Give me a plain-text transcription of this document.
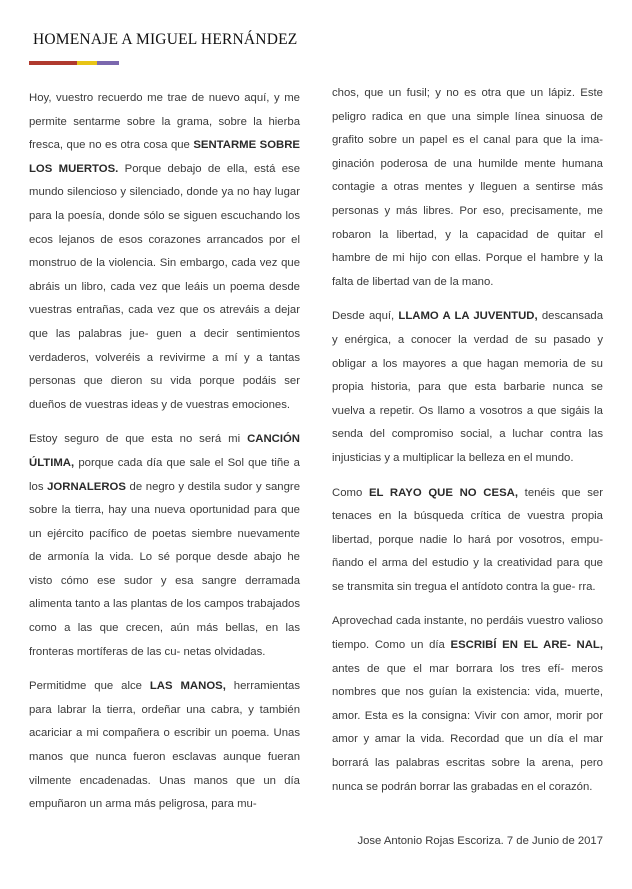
HOMENAJE A MIGUEL HERNÁNDEZ

Hoy, vuestro recuerdo me trae de nuevo aquí, y me permite sentarme sobre la grama, sobre la hierba fresca, que no es otra cosa que SENTARME SOBRE LOS MUERTOS. Porque debajo de ella, está ese mundo silencioso y silenciado, donde ya no hay lugar para la poesía, donde sólo se siguen escuchando los ecos lejanos de esos corazones arrancados por el monstruo de la violencia. Sin embargo, cada vez que abráis un libro, cada vez que leáis un poema desde vuestras entrañas, cada vez que os atreváis a dejar que las palabras jue- guen a decir sentimientos verdaderos, volveréis a revivirme a mí y a tantas personas que dieron su vida porque podáis ser dueños de vuestras ideas y de vuestras emociones.

Estoy seguro de que esta no será mi CANCIÓN ÚLTIMA, porque cada día que sale el Sol que tiñe a los JORNALEROS de negro y destila sudor y sangre sobre la tierra, hay una nueva oportunidad para que un ejército pacífico de poetas siembre nuevamente de armonía la vida. Lo sé porque desde abajo he visto cómo ese sudor y esa sangre derramada alimenta tanto a las plantas de los campos trabajados como a las que crecen, aún más bellas, en las fronteras mortíferas de las cu- netas olvidadas.

Permitidme que alce LAS MANOS, herramientas para labrar la tierra, ordeñar una cabra, y también acariciar a mi compañera o escribir un poema. Unas manos que nunca fueron esclavas aunque fueran vilmente encadenadas. Unas manos que un día empuñaron un arma más peligrosa, para mu-

chos, que un fusil; y no es otra que un lápiz. Este peligro radica en que una simple línea sinuosa de grafito sobre un papel es el canal para que la ima- ginación poderosa de una humilde mente humana contagie a otras mentes y lleguen a sentirse más personas y más libres. Por eso, precisamente, me robaron la libertad, y la capacidad de quitar el hambre de mi hijo con ellas. Porque el hambre y la falta de libertad van de la mano.

Desde aquí, LLAMO A LA JUVENTUD, descansada y enérgica, a conocer la verdad de su pasado y obligar a los mayores a que hagan memoria de su propia historia, para que esta barbarie nunca se vuelva a repetir. Os llamo a vosotros a que sigáis la senda del compromiso social, a luchar contra las injusticias y a multiplicar la belleza en el mundo.

Como EL RAYO QUE NO CESA, tenéis que ser tenaces en la búsqueda crítica de vuestra propia libertad, porque nadie lo hará por vosotros, empu- ñando el arma del estudio y la creatividad para que se transmita sin tregua el antídoto contra la gue- rra.

Aprovechad cada instante, no perdáis vuestro valioso tiempo. Como un día ESCRIBÍ EN EL ARE- NAL, antes de que el mar borrara los tres efí- meros nombres que nos guían la existencia: vida, muerte, amor. Esta es la consigna: Vivir con amor, morir por amor y amar la vida. Recordad que un día el mar borrará las palabras escritas sobre la arena, pero nunca se podrán borrar las grabadas en el corazón.

Jose Antonio Rojas Escoriza. 7 de Junio de 2017
